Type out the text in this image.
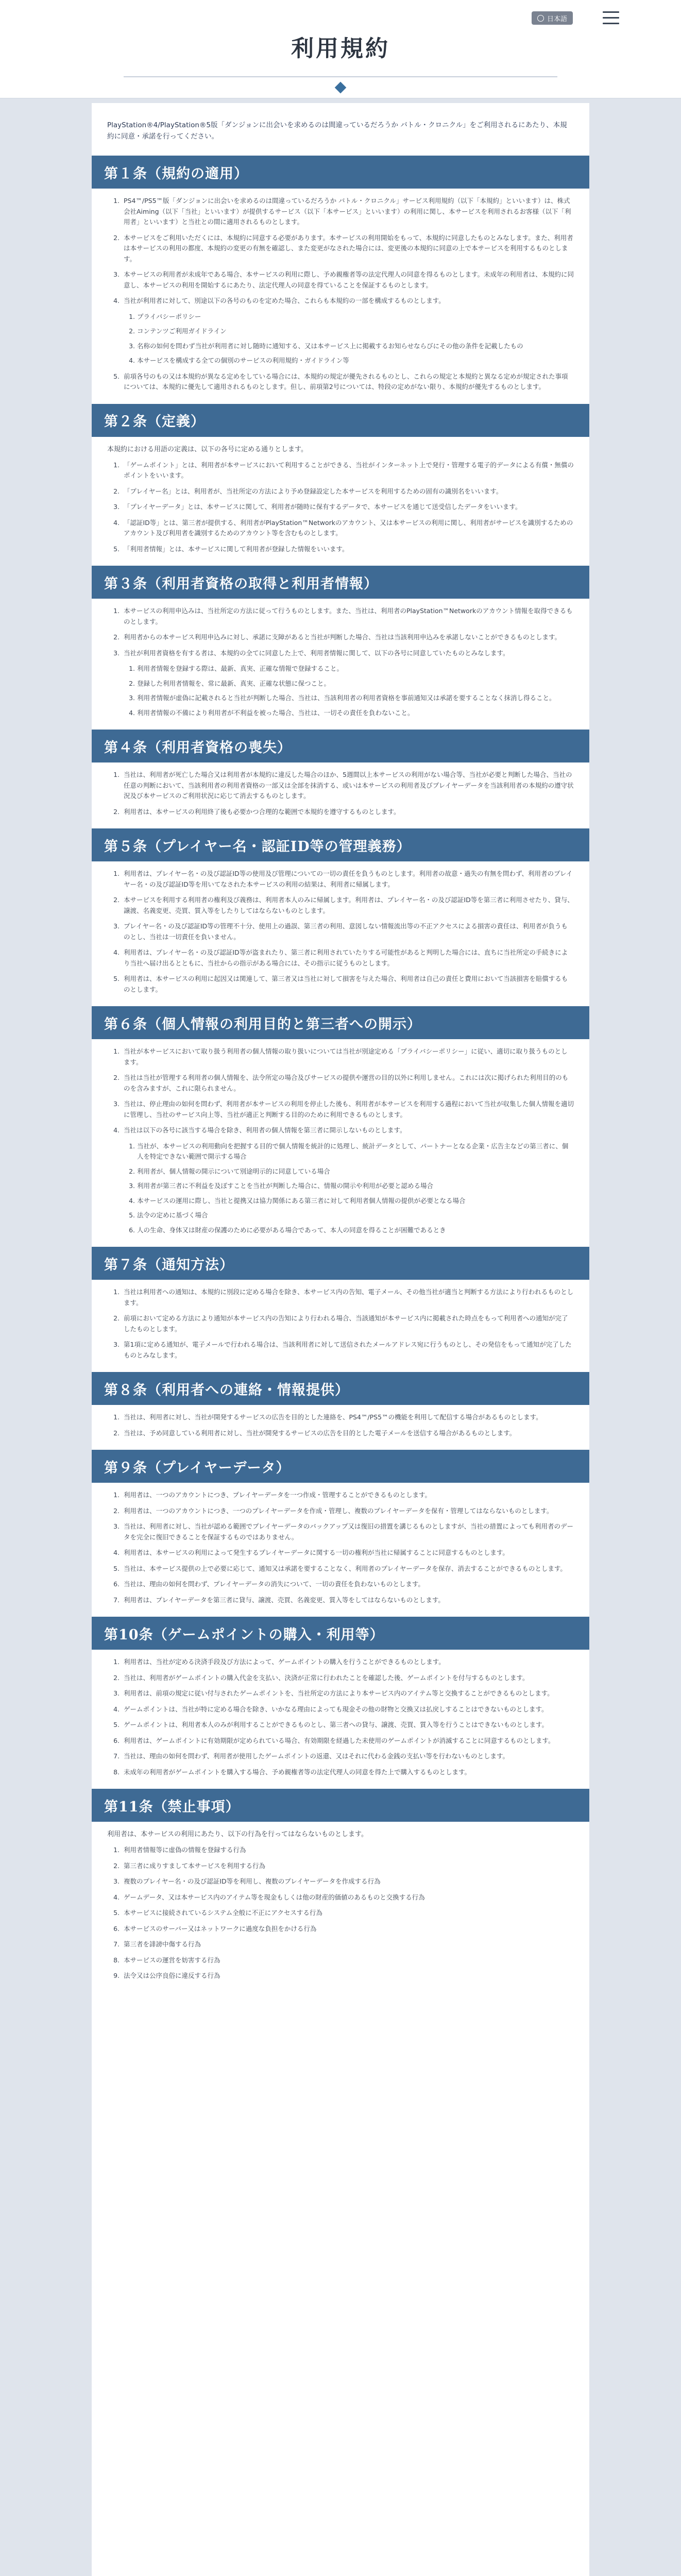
日本語
利用規約

PlayStation®4/PlayStation®5版「ダンジョンに出会いを求めるのは間違っているだろうか バトル・クロニクル」をご利用されるにあたり、本規約に同意・承諾を行ってください。

第１条（規約の適用）
1. PS4™/PS5™版「ダンジョンに出会いを求めるのは間違っているだろうか バトル・クロニクル」サービス利用規約（以下「本規約」といいます）は、株式会社Aiming（以下「当社」といいます）が提供するサービス（以下「本サービス」といいます）の利用に関し、本サービスを利用されるお客様（以下「利用者」といいます）と当社との間に適用されるものとします。
2. 本サービスをご利用いただくには、本規約に同意する必要があります。本サービスの利用開始をもって、本規約に同意したものとみなします。また、利用者は本サービスの利用の都度、本規約の変更の有無を確認し、また変更がなされた場合には、変更後の本規約に同意の上で本サービスを利用するものとします。
3. 本サービスの利用者が未成年である場合、本サービスの利用に際し、予め親権者等の法定代理人の同意を得るものとします。未成年の利用者は、本規約に同意し、本サービスの利用を開始するにあたり、法定代理人の同意を得ていることを保証するものとします。
4. 当社が利用者に対して、別途以下の各号のものを定めた場合、これらも本規約の一部を構成するものとします。
1. プライバシーポリシー
2. コンテンツご利用ガイドライン
3. 名称の如何を問わず当社が利用者に対し随時に通知する、又は本サービス上に掲載するお知らせならびにその他の条件を記載したもの
4. 本サービスを構成する全ての個別のサービスの利用規約・ガイドライン等
5. 前項各号のもの又は本規約が異なる定めをしている場合には、本規約の規定が優先されるものとし、これらの規定と本規約と異なる定めが規定された事項については、本規約に優先して適用されるものとします。但し、前項第2号については、特段の定めがない限り、本規約が優先するものとします。
第２条（定義）

本規約における用語の定義は、以下の各号に定める通りとします。

1. 「ゲームポイント」とは、利用者が本サービスにおいて利用することができる、当社がインターネット上で発行・管理する電子的データによる有償・無償のポイントをいいます。
2. 「プレイヤー名」とは、利用者が、当社所定の方法により予め登録設定した本サービスを利用するための固有の識別名をいいます。
3. 「プレイヤーデータ」とは、本サービスに関して、利用者が随時に保有するデータで、本サービスを通じて送受信したデータをいいます。
4. 「認証ID等」とは、第三者が提供する、利用者がPlayStation™Networkのアカウント、又は本サービスの利用に関し、利用者がサービスを識別するためのアカウント及び利用者を識別するためのアカウント等を含むものとします。
5. 「利用者情報」とは、本サービスに関して利用者が登録した情報をいいます。
第３条（利用者資格の取得と利用者情報）
1. 本サービスの利用申込みは、当社所定の方法に従って行うものとします。また、当社は、利用者のPlayStation™Networkのアカウント情報を取得できるものとします。
2. 利用者からの本サービス利用申込みに対し、承諾に支障があると当社が判断した場合、当社は当該利用申込みを承諾しないことができるものとします。
3. 当社が利用者資格を有する者は、本規約の全てに同意した上で、利用者情報に関して、以下の各号に同意していたものとみなします。
1. 利用者情報を登録する際は、最新、真実、正確な情報で登録すること。
2. 登録した利用者情報を、常に最新、真実、正確な状態に保つこと。
3. 利用者情報が虚偽に記載されると当社が判断した場合、当社は、当該利用者の利用者資格を事前通知又は承諾を要することなく抹消し得ること。
4. 利用者情報の不備により利用者が不利益を被った場合、当社は、一切その責任を負わないこと。
第４条（利用者資格の喪失）
1. 当社は、利用者が死亡した場合又は利用者が本規約に違反した場合のほか、5週間以上本サービスの利用がない場合等、当社が必要と判断した場合、当社の任意の判断において、当該利用者の利用者資格の一部又は全部を抹消する、或いは本サービスの利用者及びプレイヤーデータを当該利用者の本規約の遵守状況及び本サービスのご利用状況に応じて消去するものとします。
2. 利用者は、本サービスの利用終了後も必要かつ合理的な範囲で本規約を遵守するものとします。
第５条（プレイヤー名・認証ID等の管理義務）
1. 利用者は、プレイヤー名・の及び認証ID等の使用及び管理についての一切の責任を負うものとします。利用者の故意・過失の有無を問わず、利用者のプレイヤー名・の及び認証ID等を用いてなされた本サービスの利用の結果は、利用者に帰属します。
2. 本サービスを利用する利用者の権利及び義務は、利用者本人のみに帰属します。利用者は、プレイヤー名・の及び認証ID等を第三者に利用させたり、貸与、譲渡、名義変更、売買、質入等をしたりしてはならないものとします。
3. プレイヤー名・の及び認証ID等の管理不十分、使用上の過誤、第三者の利用、意図しない情報流出等の不正アクセスによる損害の責任は、利用者が負うものとし、当社は一切責任を負いません。
4. 利用者は、プレイヤー名・の及び認証ID等が盗まれたり、第三者に利用されていたりする可能性があると判明した場合には、直ちに当社所定の手続きにより当社へ届け出るとともに、当社からの指示がある場合には、その指示に従うものとします。
5. 利用者は、本サービスの利用に起因又は関連して、第三者又は当社に対して損害を与えた場合、利用者は自己の責任と費用において当該損害を賠償するものとします。
第６条（個人情報の利用目的と第三者への開示）
1. 当社が本サービスにおいて取り扱う利用者の個人情報の取り扱いについては当社が別途定める「プライバシーポリシー」に従い、適切に取り扱うものとします。
2. 当社は当社が管理する利用者の個人情報を、法令所定の場合及びサービスの提供や運営の目的以外に利用しません。これには次に掲げられた利用目的のものを含みますが、これに限られません。
3. 当社は、停止理由の如何を問わず、利用者が本サービスの利用を停止した後も、利用者が本サービスを利用する過程において当社が収集した個人情報を適切に管理し、当社のサービス向上等、当社が適正と判断する目的のために利用できるものとします。
4. 当社は以下の各号に該当する場合を除き、利用者の個人情報を第三者に開示しないものとします。
1. 当社が、本サービスの利用動向を把握する目的で個人情報を統計的に処理し、統計データとして、パートナーとなる企業・広告主などの第三者に、個人を特定できない範囲で開示する場合
2. 利用者が、個人情報の開示について別途明示的に同意している場合
3. 利用者が第三者に不利益を及ぼすことを当社が判断した場合に、情報の開示や利用が必要と認める場合
4. 本サービスの運用に際し、当社と提携又は協力関係にある第三者に対して利用者個人情報の提供が必要となる場合
5. 法令の定めに基づく場合
6. 人の生命、身体又は財産の保護のために必要がある場合であって、本人の同意を得ることが困難であるとき
第７条（通知方法）
1. 当社は利用者への通知は、本規約に別段に定める場合を除き、本サービス内の告知、電子メール、その他当社が適当と判断する方法により行われるものとします。
2. 前項において定める方法により通知が本サービス内の告知により行われる場合、当該通知が本サービス内に掲載された時点をもって利用者への通知が完了したものとします。
3. 第1項に定める通知が、電子メールで行われる場合は、当該利用者に対して送信されたメールアドレス宛に行うものとし、その発信をもって通知が完了したものとみなします。
第８条（利用者への連絡・情報提供）
1. 当社は、利用者に対し、当社が開発するサービスの広告を目的とした連絡を、PS4™/PS5™の機能を利用して配信する場合があるものとします。
2. 当社は、予め同意している利用者に対し、当社が開発するサービスの広告を目的とした電子メールを送信する場合があるものとします。
第９条（プレイヤーデータ）
1. 利用者は、一つのアカウントにつき、プレイヤーデータを一つ作成・管理することができるものとします。
2. 利用者は、一つのアカウントにつき、一つのプレイヤーデータを作成・管理し、複数のプレイヤーデータを保有・管理してはならないものとします。
3. 当社は、利用者に対し、当社が認める範囲でプレイヤーデータのバックアップ又は復旧の措置を講じるものとしますが、当社の措置によっても利用者のデータを完全に復旧できることを保証するものではありません。
4. 利用者は、本サービスの利用によって発生するプレイヤーデータに関する一切の権利が当社に帰属することに同意するものとします。
5. 当社は、本サービス提供の上で必要に応じて、通知又は承諾を要することなく、利用者のプレイヤーデータを保存、消去することができるものとします。
6. 当社は、理由の如何を問わず、プレイヤーデータの消失について、一切の責任を負わないものとします。
7. 利用者は、プレイヤーデータを第三者に貸与、譲渡、売買、名義変更、質入等をしてはならないものとします。
第10条（ゲームポイントの購入・利用等）
1. 利用者は、当社が定める決済手段及び方法によって、ゲームポイントの購入を行うことができるものとします。
2. 当社は、利用者がゲームポイントの購入代金を支払い、決済が正常に行われたことを確認した後、ゲームポイントを付与するものとします。
3. 利用者は、前項の規定に従い付与されたゲームポイントを、当社所定の方法により本サービス内のアイテム等と交換することができるものとします。
4. ゲームポイントは、当社が特に定める場合を除き、いかなる理由によっても現金その他の財物と交換又は払戻しすることはできないものとします。
5. ゲームポイントは、利用者本人のみが利用することができるものとし、第三者への貸与、譲渡、売買、質入等を行うことはできないものとします。
6. 利用者は、ゲームポイントに有効期限が定められている場合、有効期限を経過した未使用のゲームポイントが消滅することに同意するものとします。
7. 当社は、理由の如何を問わず、利用者が使用したゲームポイントの返還、又はそれに代わる金銭の支払い等を行わないものとします。
8. 未成年の利用者がゲームポイントを購入する場合、予め親権者等の法定代理人の同意を得た上で購入するものとします。
第11条（禁止事項）

利用者は、本サービスの利用にあたり、以下の行為を行ってはならないものとします。

1. 利用者情報等に虚偽の情報を登録する行為
2. 第三者に成りすまして本サービスを利用する行為
3. 複数のプレイヤー名・の及び認証ID等を利用し、複数のプレイヤーデータを作成する行為
4. ゲームデータ、又は本サービス内のアイテム等を現金もしくは他の財産的価値のあるものと交換する行為
5. 本サービスに接続されているシステム全般に不正にアクセスする行為
6. 本サービスのサーバー又はネットワークに過度な負担をかける行為
7. 第三者を誹謗中傷する行為
8. 本サービスの運営を妨害する行為
9. 法令又は公序良俗に違反する行為
